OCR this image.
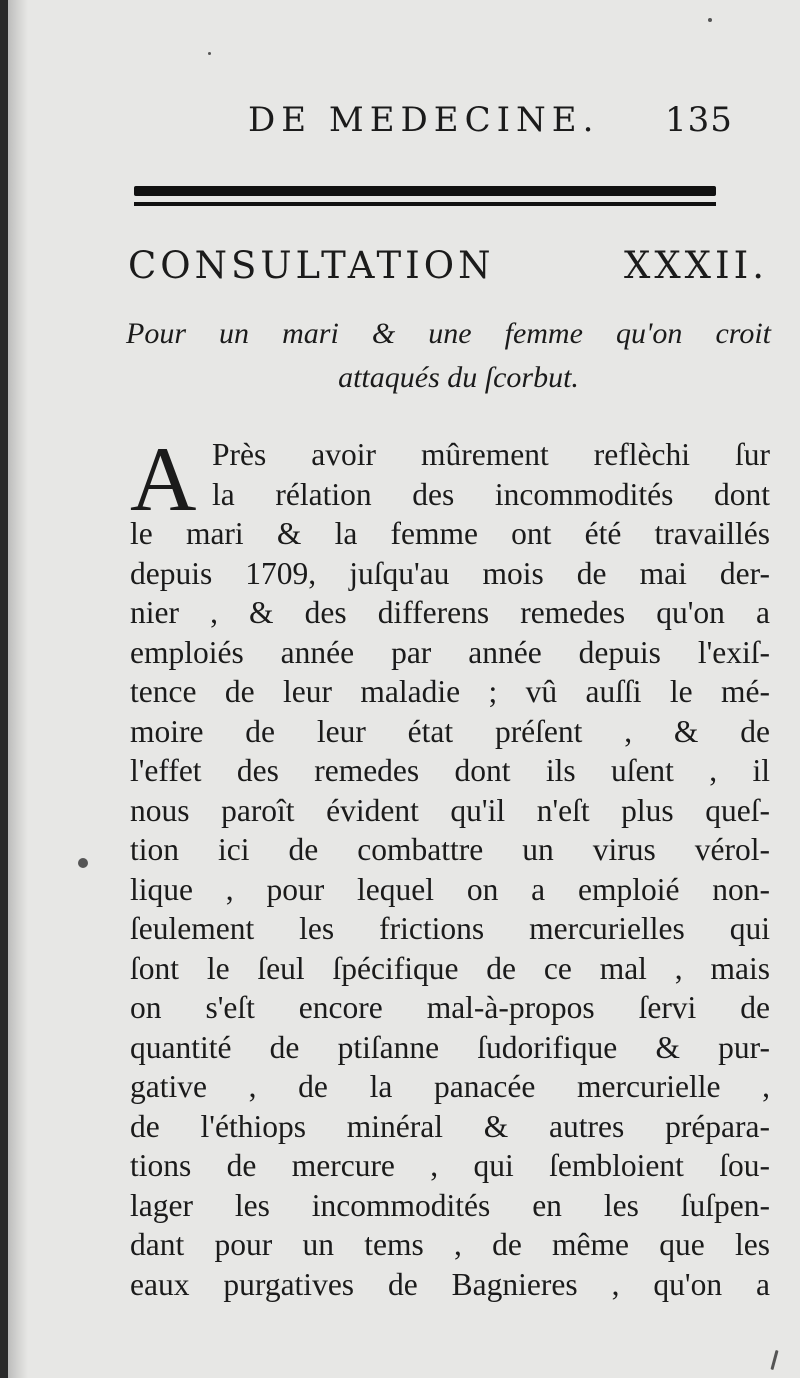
DE MEDECINE. 135
CONSULTATION	XXXII.
Pour un mari & une femme qu'on croit
attaqués du ſcorbut.
A Près avoir mûrement reflèchi ſur
la rélation des incommodités dont
le mari & la femme ont été travaillés
depuis 1709, juſqu'au mois de mai der-
nier , & des differens remedes qu'on a
emploiés année par année depuis l'exiſ-
tence de leur maladie ; vû auſſi le mé-
moire de leur état préſent , & de
l'effet des remedes dont ils uſent , il
nous paroît évident qu'il n'eſt plus queſ-
tion ici de combattre un virus vérol-
lique , pour lequel on a emploié non-
ſeulement les frictions mercurielles qui
ſont le ſeul ſpécifique de ce mal , mais
on s'eſt encore mal-à-propos ſervi de
quantité de ptiſanne ſudorifique & pur-
gative , de la panacée mercurielle ,
de l'éthiops minéral & autres prépara-
tions de mercure , qui ſembloient ſou-
lager les incommodités en les ſuſpen-
dant pour un tems , de même que les
eaux purgatives de Bagnieres , qu'on a
